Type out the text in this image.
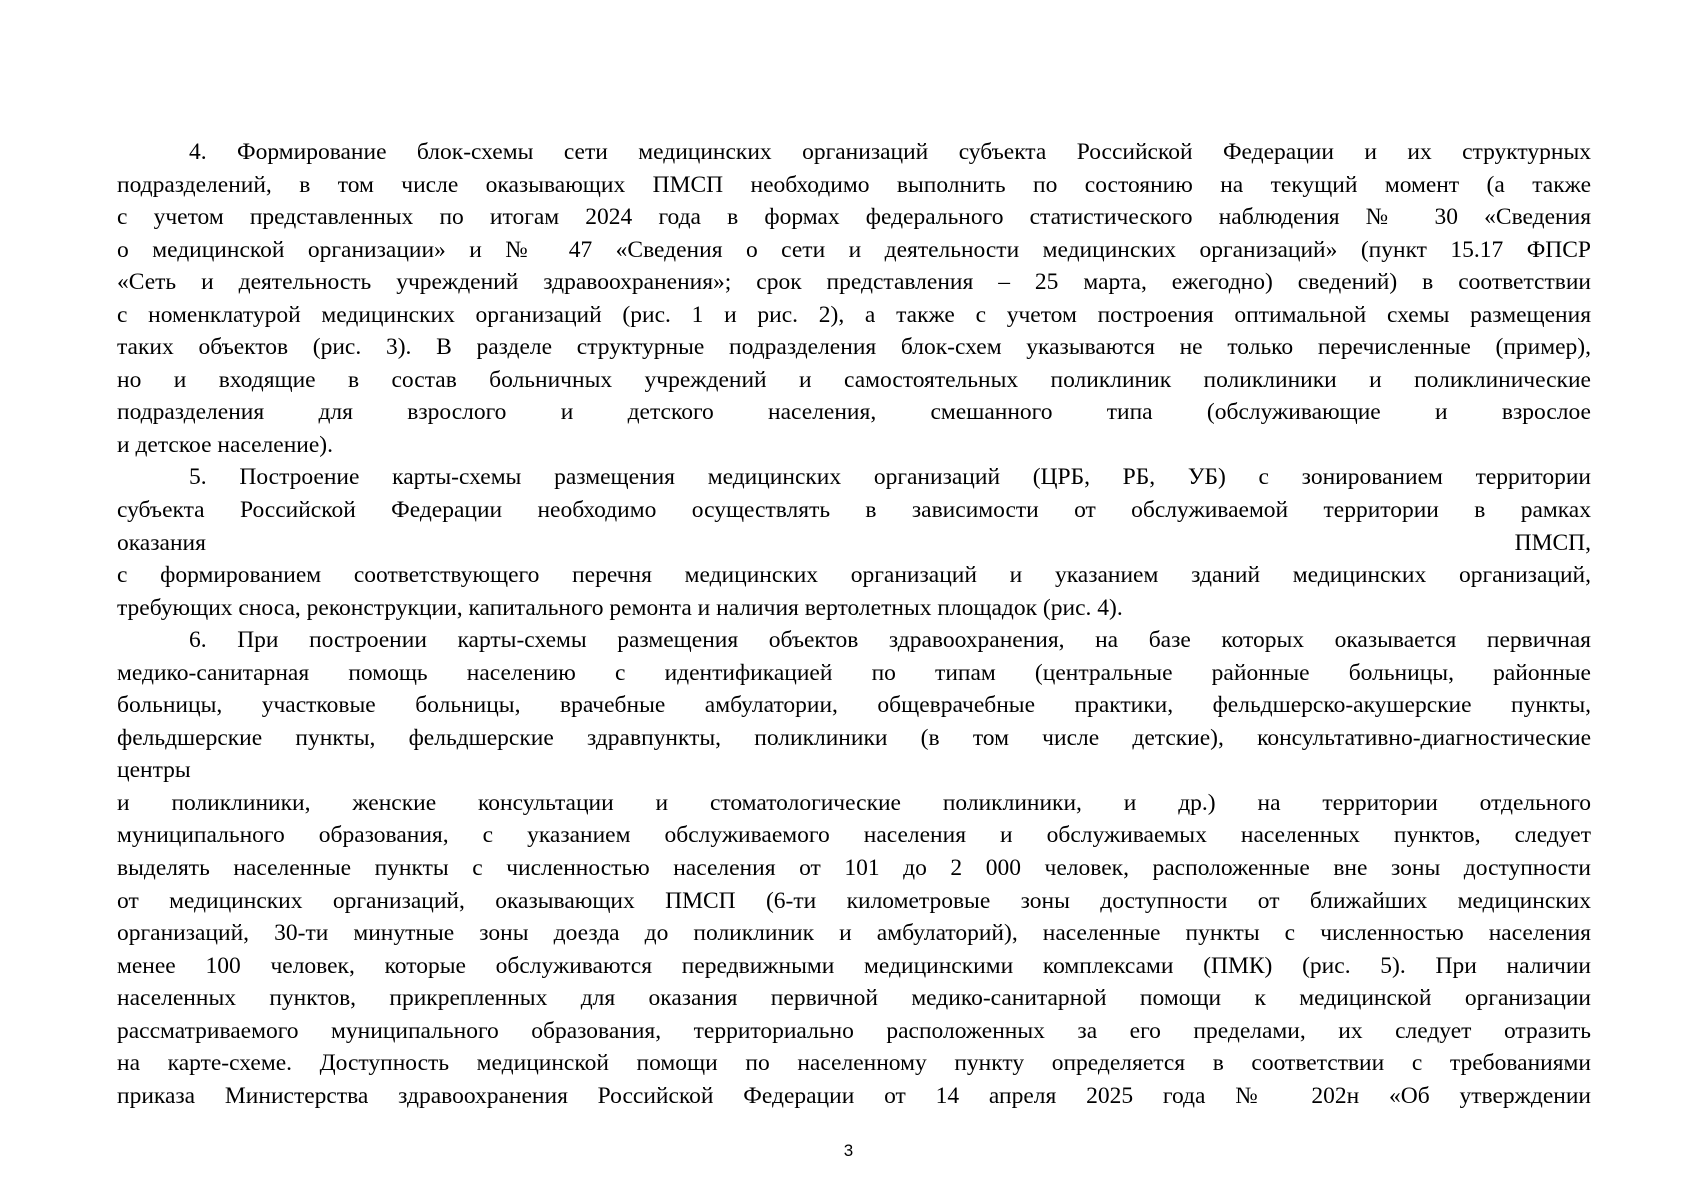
4. Формирование блок-схемы сети медицинских организаций субъекта Российской Федерации и их структурных
подразделений, в том числе оказывающих ПМСП необходимо выполнить по состоянию на текущий момент (а также
с учетом представленных по итогам 2024 года в формах федерального статистического наблюдения № 30 «Сведения
о медицинской организации» и № 47 «Сведения о сети и деятельности медицинских организаций» (пункт 15.17 ФПСР
«Сеть и деятельность учреждений здравоохранения»; срок представления – 25 марта, ежегодно) сведений) в соответствии
с номенклатурой медицинских организаций (рис. 1 и рис. 2), а также с учетом построения оптимальной схемы размещения
таких объектов (рис. 3). В разделе структурные подразделения блок-схем указываются не только перечисленные (пример),
но и входящие в состав больничных учреждений и самостоятельных поликлиник поликлиники и поликлинические
подразделения для взрослого и детского населения, смешанного типа (обслуживающие и взрослое
и детское население).
5. Построение карты-схемы размещения медицинских организаций (ЦРБ, РБ, УБ) с зонированием территории
субъекта Российской Федерации необходимо осуществлять в зависимости от обслуживаемой территории в рамках
оказания ПМСП,
с формированием соответствующего перечня медицинских организаций и указанием зданий медицинских организаций,
требующих сноса, реконструкции, капитального ремонта и наличия вертолетных площадок (рис. 4).
6. При построении карты-схемы размещения объектов здравоохранения, на базе которых оказывается первичная
медико-санитарная помощь населению с идентификацией по типам (центральные районные больницы, районные
больницы, участковые больницы, врачебные амбулатории, общеврачебные практики, фельдшерско-акушерские пункты,
фельдшерские пункты, фельдшерские здравпункты, поликлиники (в том числе детские), консультативно-диагностические
центры
и поликлиники, женские консультации и стоматологические поликлиники, и др.) на территории отдельного
муниципального образования, с указанием обслуживаемого населения и обслуживаемых населенных пунктов, следует
выделять населенные пункты с численностью населения от 101 до 2 000 человек, расположенные вне зоны доступности
от медицинских организаций, оказывающих ПМСП (6-ти километровые зоны доступности от ближайших медицинских
организаций, 30-ти минутные зоны доезда до поликлиник и амбулаторий), населенные пункты с численностью населения
менее 100 человек, которые обслуживаются передвижными медицинскими комплексами (ПМК) (рис. 5). При наличии
населенных пунктов, прикрепленных для оказания первичной медико-санитарной помощи к медицинской организации
рассматриваемого муниципального образования, территориально расположенных за его пределами, их следует отразить
на карте-схеме. Доступность медицинской помощи по населенному пункту определяется в соответствии с требованиями
приказа Министерства здравоохранения Российской Федерации от 14 апреля 2025 года № 202н «Об утверждении
3
